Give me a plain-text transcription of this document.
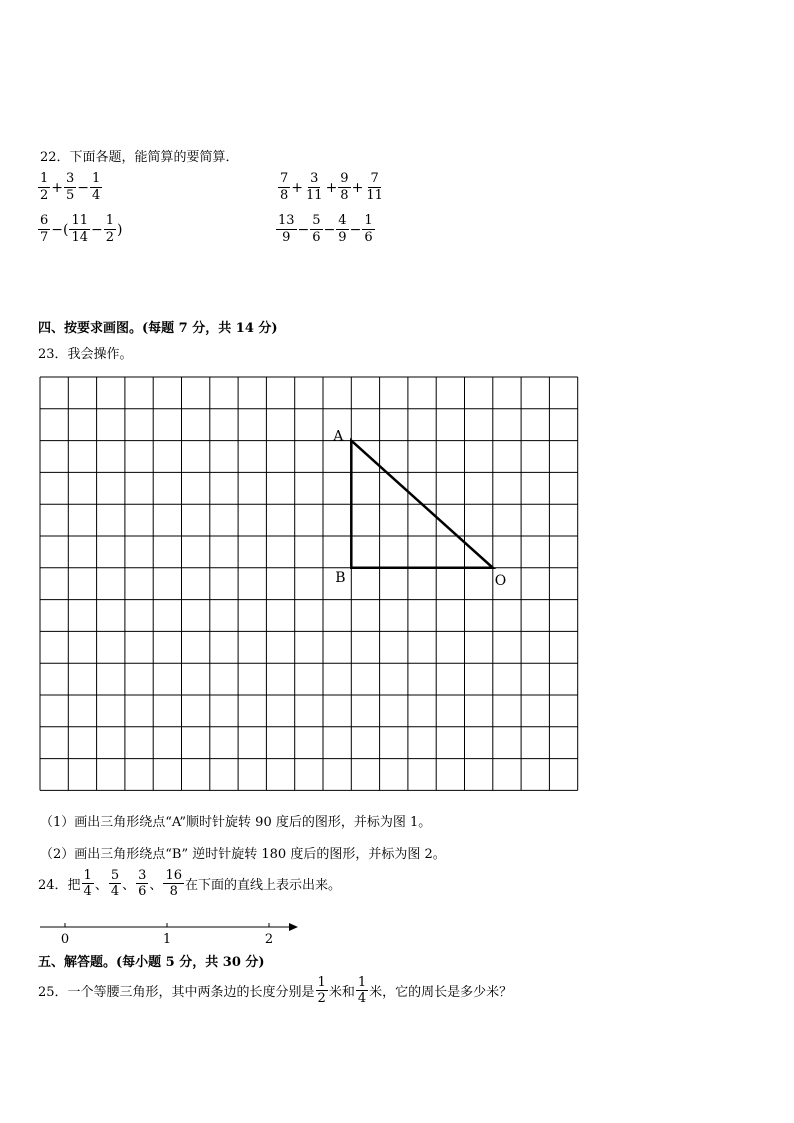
22．下面各题，能简算的要简算．
$\frac{1}{2} + \frac{3}{5} - \frac{1}{4}$	$\frac{7}{8} + \frac{3}{11} + \frac{9}{8} + \frac{7}{11}$
$\frac{6}{7}$ −( $\frac{11}{14} - \frac{1}{2}$ )	$\frac{13}{9} - \frac{5}{6} - \frac{4}{9} - \frac{1}{6}$
四、按要求画图。(每题 7 分，共 14 分)
23．我会操作。
A
B	O
（1）画出三角形绕点“A”顺时针旋转 90 度后的图形，并标为图 1。
（2）画出三角形绕点“B” 逆时针旋转 180 度后的图形，并标为图 2。
24．把 $\frac{1}{4}$ 、 $\frac{5}{4}$ 、 $\frac{3}{6}$ 、 $\frac{16}{8}$ 在下面的直线上表示出来。
0	1	2
五、解答题。(每小题 5 分，共 30 分)
25．一个等腰三角形，其中两条边的长度分别是 $\frac{1}{2}$ 米和 $\frac{1}{4}$ 米，它的周长是多少米？
